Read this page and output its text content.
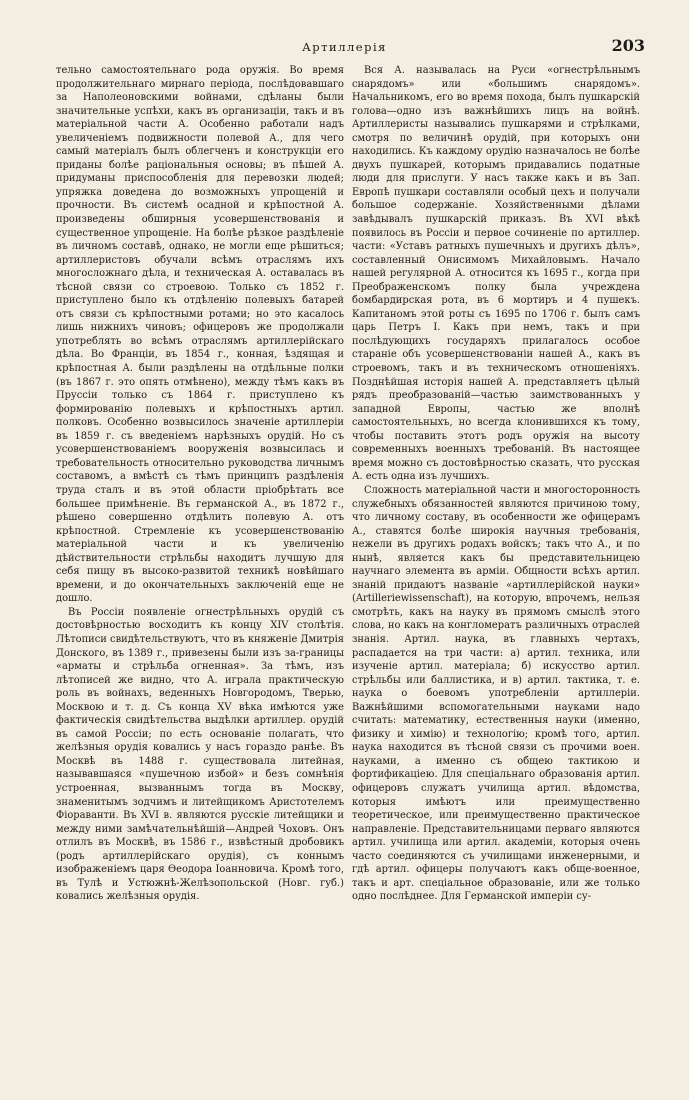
Артиллерія	203

тельно самостоятельнаго рода оружія. Во время продолжительнаго мирнаго періода, послѣдовавшаго за Наполеоновскими войнами, сдѣланы были значительные успѣхи, какъ въ организаціи, такъ и въ матеріальной части А. Особенно работали надъ увеличеніемъ подвижности полевой А., для чего самый матеріалъ былъ облегченъ и конструкціи его приданы болѣе раціональныя основы; въ пѣшей А. придуманы приспособленія для перевозки людей; упряжка доведена до возможныхъ упрощеній и прочности. Въ системѣ осадной и крѣпостной А. произведены обширныя усовершенствованія и существенное упрощеніе. На болѣе рѣзкое раздѣленіе въ личномъ составѣ, однако, не могли еще рѣшиться; артиллеристовъ обучали всѣмъ отраслямъ ихъ многосложнаго дѣла, и техническая А. оставалась въ тѣсной связи со строевою. Только съ 1852 г. приступлено было къ отдѣленію полевыхъ батарей отъ связи съ крѣпостными ротами; но это касалось лишь нижнихъ чиновъ; офицеровъ же продолжали употреблять во всѣмъ отраслямъ артиллерійскаго дѣла. Во Франціи, въ 1854 г., конная, ѣздящая и крѣпостная А. были раздѣлены на отдѣльные полки (въ 1867 г. это опять отмѣнено), между тѣмъ какъ въ Пруссіи только съ 1864 г. приступлено къ формированію полевыхъ и крѣпостныхъ артил. полковъ. Особенно возвысилось значеніе артиллеріи въ 1859 г. съ введеніемъ нарѣзныхъ орудій. Но съ усовершенствованіемъ вооруженія возвысилась и требовательность относительно руководства личнымъ составомъ, а вмѣстѣ съ тѣмъ принципъ раздѣленія труда сталъ и въ этой области пріобрѣтать все большее примѣненіе. Въ германской А., въ 1872 г., рѣшено совершенно отдѣлить полевую А. отъ крѣпостной. Стремленіе къ усовершенствованію матеріальной части и къ увеличенію дѣйствительности стрѣльбы находитъ лучшую для себя пищу въ высоко-развитой техникѣ новѣйшаго времени, и до окончательныхъ заключеній еще не дошло.

Въ Россіи появленіе огнестрѣльныхъ орудій съ достовѣрностью восходитъ къ концу XIV столѣтія. Лѣтописи свидѣтельствуютъ, что въ княженіе Дмитрія Донского, въ 1389 г., привезены были изъ за-границы «арматы и стрѣльба огненная». За тѣмъ, изъ лѣтописей же видно, что А. играла практическую роль въ войнахъ, веденныхъ Новгородомъ, Тверью, Москвою и т. д. Съ конца XV вѣка имѣются уже фактическія свидѣтельства выдѣлки артиллер. орудій въ самой Россіи; по есть основаніе полагать, что желѣзныя орудія ковались у насъ гораздо ранѣе. Въ Москвѣ въ 1488 г. существовала литейная, называвшаяся «пушечною избой» и безъ сомнѣнія устроенная, вызваннымъ тогда въ Москву, знаменитымъ зодчимъ и литейщикомъ Аристотелемъ Фіораванти. Въ XVI в. являются русскіе литейщики и между ними замѣчательнѣйшій—Андрей Чоховъ. Онъ отлилъ въ Москвѣ, въ 1586 г., извѣстный дробовикъ (родъ артиллерійскаго орудія), съ коннымъ изображеніемъ царя Ѳеодора Іоанновича. Кромѣ того, въ Тулѣ и Устюжнѣ-Желѣзопольской (Новг. губ.) ковались желѣзныя орудія.

Вся А. называлась на Руси «огнестрѣльнымъ снарядомъ» или «большимъ снарядомъ». Начальникомъ, его во время похода, былъ пушкарскій голова—одно изъ важнѣйшихъ лицъ на войнѣ. Артиллеристы назывались пушкарями и стрѣлками, смотря по величинѣ орудій, при которыхъ они находились. Къ каждому орудію назначалось не болѣе двухъ пушкарей, которымъ придавались податные люди для прислуги. У насъ также какъ и въ Зап. Европѣ пушкари составляли особый цехъ и получали большое содержаніе. Хозяйственными дѣлами завѣдывалъ пушкарскій приказъ. Въ XVI вѣкѣ появилось въ Россіи и первое сочиненіе по артиллер. части: «Уставъ ратныхъ пушечныхъ и другихъ дѣлъ», составленный Онисимомъ Михайловымъ. Начало нашей регулярной А. относится къ 1695 г., когда при Преображенскомъ полку была учреждена бомбардирская рота, въ 6 мортиръ и 4 пушекъ. Капитаномъ этой роты съ 1695 по 1706 г. былъ самъ царь Петръ I. Какъ при немъ, такъ и при послѣдующихъ государяхъ прилагалось особое стараніе объ усовершенствованіи нашей А., какъ въ строевомъ, такъ и въ техническомъ отношеніяхъ. Позднѣйшая исторія нашей А. представляетъ цѣлый рядъ преобразованій—частью заимствованныхъ у западной Европы, частью же вполнѣ самостоятельныхъ, но всегда клонившихся къ тому, чтобы поставить этотъ родъ оружія на высоту современныхъ военныхъ требованій. Въ настоящее время можно съ достовѣрностью сказать, что русская А. есть одна изъ лучшихъ.

Сложность матеріальной части и многосторонность служебныхъ обязанностей являются причиною тому, что личному составу, въ особенности же офицерамъ А., ставятся болѣе широкія научныя требованія, нежели въ другихъ родахъ войскъ; такъ что А., и по нынѣ, является какъ бы представительницею научнаго элемента въ арміи. Общности всѣхъ артил. знаній придаютъ названіе «артиллерійской науки» (Artilleriewissenschaft), на которую, впрочемъ, нельзя смотрѣть, какъ на науку въ прямомъ смыслѣ этого слова, но какъ на конгломератъ различныхъ отраслей знанія. Артил. наука, въ главныхъ чертахъ, распадается на три части: а) артил. техника, или изученіе артил. матеріала; б) искусство артил. стрѣльбы или баллистика, и в) артил. тактика, т. е. наука о боевомъ употребленіи артиллеріи. Важнѣйшими вспомогательными науками надо считать: математику, естественныя науки (именно, физику и химію) и технологію; кромѣ того, артил. наука находится въ тѣсной связи съ прочими воен. науками, а именно съ общею тактикою и фортификаціею. Для спеціальнаго образованія артил. офицеровъ служатъ училища артил. вѣдомства, которыя имѣютъ или преимущественно теоретическое, или преимущественно практическое направленіе. Представительницами перваго являются артил. училища или артил. академіи, которыя очень часто соединяются съ училищами инженерными, и гдѣ артил. офицеры получаютъ какъ обще-военное, такъ и арт. спеціальное образованіе, или же только одно послѣднее. Для Германской имперіи су-
